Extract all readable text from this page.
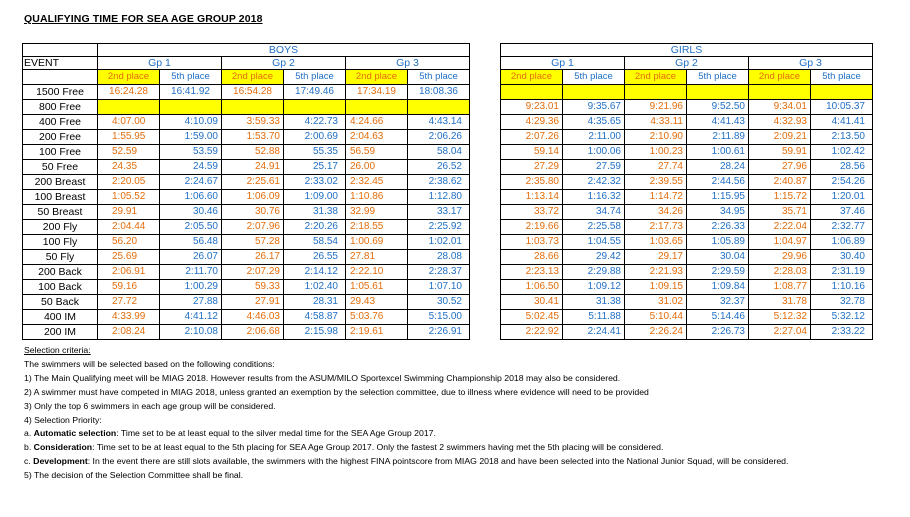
QUALIFYING TIME FOR SEA AGE GROUP 2018
	BOYS							GIRLS					
EVENT	Gp 1		Gp 2		Gp 3			Gp 1		Gp 2		Gp 3	
	2nd place	5th place	2nd place	5th place	2nd place	5th place		2nd place	5th place	2nd place	5th place	2nd place	5th place
1500 Free	16:24.28	16:41.92	16:54.28	17:49.46	17:34.19	18:08.36							
800 Free								9:23.01	9:35.67	9:21.96	9:52.50	9:34.01	10:05.37
400 Free	4:07.00	4:10.09	3:59.33	4:22.73	4:24.66	4:43.14		4:29.36	4:35.65	4:33.11	4:41.43	4:32.93	4:41.41
200 Free	1:55.95	1:59.00	1:53.70	2:00.69	2:04.63	2:06.26		2:07.26	2:11.00	2:10.90	2:11.89	2:09.21	2:13.50
100 Free	52.59	53.59	52.88	55.35	56.59	58.04		59.14	1:00.06	1:00.23	1:00.61	59.91	1:02.42
50 Free	24.35	24.59	24.91	25.17	26.00	26.52		27.29	27.59	27.74	28.24	27.96	28.56
200 Breast	2:20.05	2:24.67	2:25.61	2:33.02	2:32.45	2:38.62		2:35.80	2:42.32	2:39.55	2:44.56	2:40.87	2:54.26
100 Breast	1:05.52	1:06.60	1:06.09	1:09.00	1:10.86	1:12.80		1:13.14	1:16.32	1:14.72	1:15.95	1:15.72	1:20.01
50 Breast	29.91	30.46	30.76	31.38	32.99	33.17		33.72	34.74	34.26	34.95	35.71	37.46
200 Fly	2:04.44	2:05.50	2:07.96	2:20.26	2:18.55	2:25.92		2:19.66	2:25.58	2:17.73	2:26.33	2:22.04	2:32.77
100 Fly	56.20	56.48	57.28	58.54	1:00.69	1:02.01		1:03.73	1:04.55	1:03.65	1:05.89	1:04.97	1:06.89
50 Fly	25.69	26.07	26.17	26.55	27.81	28.08		28.66	29.42	29.17	30.04	29.96	30.40
200 Back	2:06.91	2:11.70	2:07.29	2:14.12	2:22.10	2:28.37		2:23.13	2:29.88	2:21.93	2:29.59	2:28.03	2:31.19
100 Back	59.16	1:00.29	59.33	1:02.40	1:05.61	1:07.10		1:06.50	1:09.12	1:09.15	1:09.84	1:08.77	1:10.16
50 Back	27.72	27.88	27.91	28.31	29.43	30.52		30.41	31.38	31.02	32.37	31.78	32.78
400 IM	4:33.99	4:41.12	4:46.03	4:58.87	5:03.76	5:15.00		5:02.45	5:11.88	5:10.44	5:14.46	5:12.32	5:32.12
200 IM	2:08.24	2:10.08	2:06.68	2:15.98	2:19.61	2:26.91		2:22.92	2:24.41	2:26.24	2:26.73	2:27.04	2:33.22
Selection criteria:
The swimmers will be selected based on the following conditions:
1) The Main Qualifying meet will be MIAG 2018. However results from the ASUM/MILO Sportexcel Swimming Championship 2018 may also be considered.
2) A swimmer must have competed in MIAG 2018, unless granted an exemption by the selection committee, due to illness where evidence will need to be provided
3) Only the top 6 swimmers in each age group will be considered.
4) Selection Priority:
a. Automatic selection: Time set to be at least equal to the silver medal time for the SEA Age Group 2017.
b. Consideration: Time set to be at least equal to the 5th placing for SEA Age Group 2017. Only the fastest 2 swimmers having met the 5th placing will be considered.
c. Development: In the event there are still slots available, the swimmers with the highest FINA pointscore from MIAG 2018 and have been selected into the National Junior Squad, will be considered.
5) The decision of the Selection Committee shall be final.
